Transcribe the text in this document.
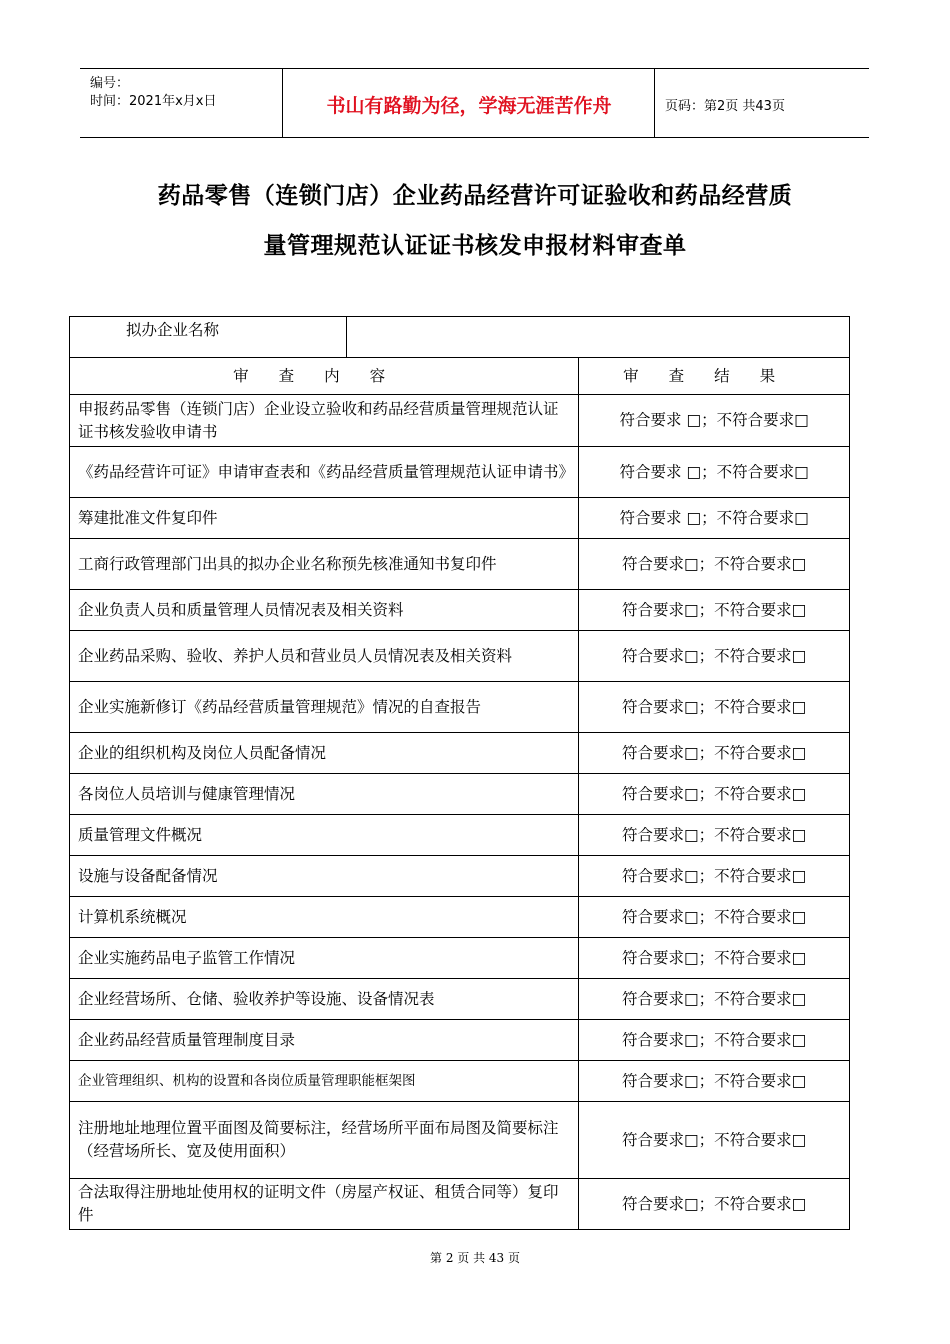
编号：
时间：2021年x月x日	书山有路勤为径，学海无涯苦作舟	页码：第2页 共43页
药品零售（连锁门店）企业药品经营许可证验收和药品经营质
量管理规范认证证书核发申报材料审查单
拟办企业名称		
审查内容		审查结果
申报药品零售（连锁门店）企业设立验收和药品经营质量管理规范认证证书核发验收申请书		符合要求 □；不符合要求□
《药品经营许可证》申请审查表和《药品经营质量管理规范认证申请书》		符合要求 □；不符合要求□
筹建批准文件复印件		符合要求 □；不符合要求□
工商行政管理部门出具的拟办企业名称预先核准通知书复印件		符合要求□；不符合要求□
企业负责人员和质量管理人员情况表及相关资料		符合要求□；不符合要求□
企业药品采购、验收、养护人员和营业员人员情况表及相关资料		符合要求□；不符合要求□
企业实施新修订《药品经营质量管理规范》情况的自查报告		符合要求□；不符合要求□
企业的组织机构及岗位人员配备情况		符合要求□；不符合要求□
各岗位人员培训与健康管理情况		符合要求□；不符合要求□
质量管理文件概况		符合要求□；不符合要求□
设施与设备配备情况		符合要求□；不符合要求□
计算机系统概况		符合要求□；不符合要求□
企业实施药品电子监管工作情况		符合要求□；不符合要求□
企业经营场所、仓储、验收养护等设施、设备情况表		符合要求□；不符合要求□
企业药品经营质量管理制度目录		符合要求□；不符合要求□
企业管理组织、机构的设置和各岗位质量管理职能框架图		符合要求□；不符合要求□
注册地址地理位置平面图及简要标注，经营场所平面布局图及简要标注（经营场所长、宽及使用面积）		符合要求□；不符合要求□
合法取得注册地址使用权的证明文件（房屋产权证、租赁合同等）复印件		符合要求□；不符合要求□
第 2 页 共 43 页
